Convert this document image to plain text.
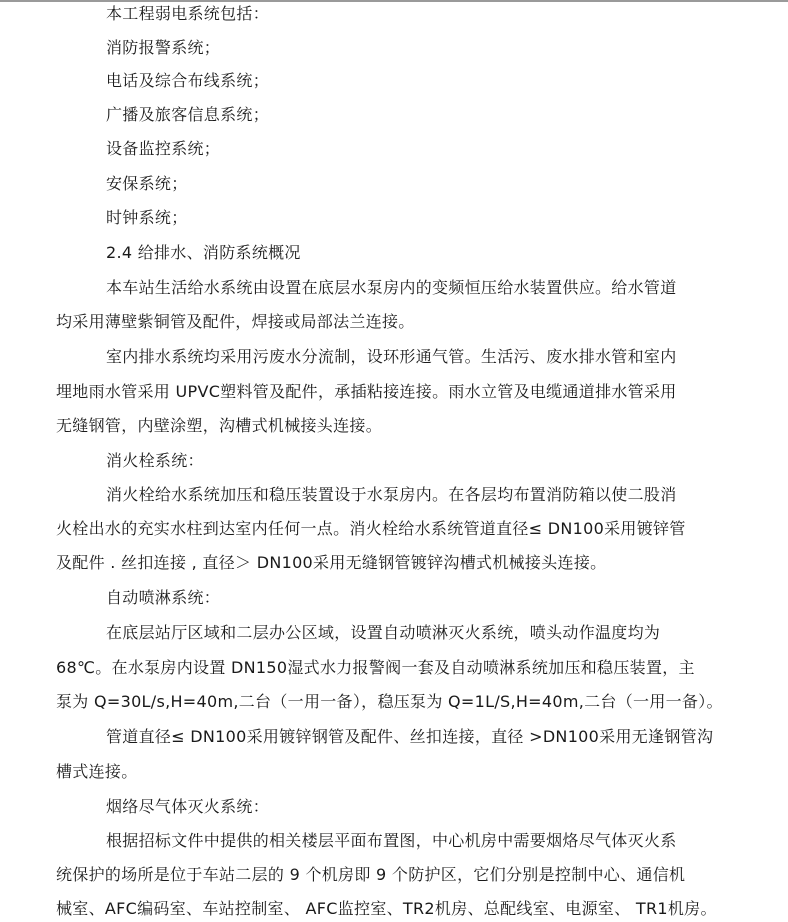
本工程弱电系统包括：
消防报警系统；
电话及综合布线系统；
广播及旅客信息系统；
设备监控系统；
安保系统；
时钟系统；
2.4 给排水、消防系统概况
本车站生活给水系统由设置在底层水泵房内的变频恒压给水装置供应。给水管道
均采用薄壁紫铜管及配件，焊接或局部法兰连接。
室内排水系统均采用污废水分流制，设环形通气管。生活污、废水排水管和室内
埋地雨水管采用 UPVC塑料管及配件，承插粘接连接。雨水立管及电缆通道排水管采用
无缝钢管，内壁涂塑，沟槽式机械接头连接。
消火栓系统：
消火栓给水系统加压和稳压装置设于水泵房内。在各层均布置消防箱以使二股消
火栓出水的充实水柱到达室内任何一点。消火栓给水系统管道直径≤ DN100采用镀锌管
及配件 . 丝扣连接 , 直径＞ DN100采用无缝钢管镀锌沟槽式机械接头连接。
自动喷淋系统：
在底层站厅区域和二层办公区域，设置自动喷淋灭火系统，喷头动作温度均为
68℃。在水泵房内设置 DN150湿式水力报警阀一套及自动喷淋系统加压和稳压装置，主
泵为 Q=30L/s,H=40m,二台（一用一备），稳压泵为 Q=1L/S,H=40m,二台（一用一备）。
管道直径≤ DN100采用镀锌钢管及配件、丝扣连接，直径 >DN100采用无逢钢管沟
槽式连接。
烟络尽气体灭火系统：
根据招标文件中提供的相关楼层平面布置图，中心机房中需要烟烙尽气体灭火系
统保护的场所是位于车站二层的 9 个机房即 9 个防护区，它们分别是控制中心、通信机
械室、AFC编码室、车站控制室、 AFC监控室、TR2机房、总配线室、电源室、 TR1机房。
